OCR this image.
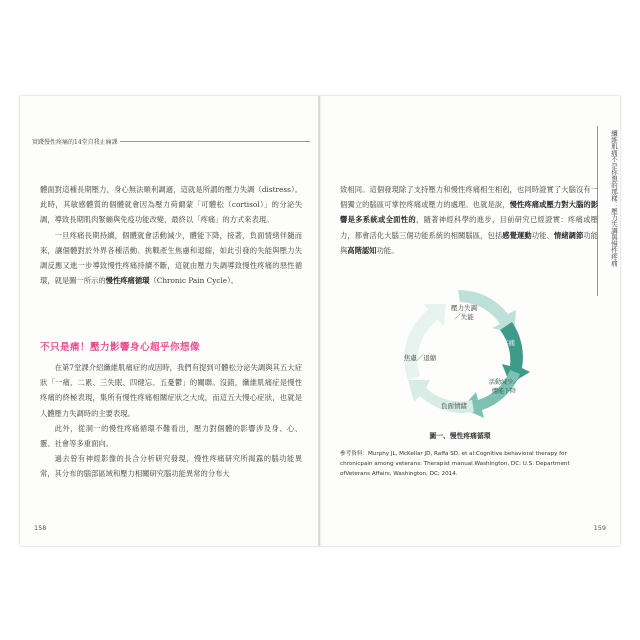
實踐慢性疼痛的14堂自我止痛課

體面對這種長期壓力，身心無法順利調適，這就是所謂的壓力失調（distress）。此時，其敏感體質的個體就會因為壓力荷爾蒙「可體松（cortisol）」的分泌失調，導致長期肌肉緊繃與免疫功能改變，最終以「疼痛」的方式來表現。

一旦疼痛長期持續，個體就會活動減少，體能下降，接著，負面情緒伴隨而來，讓個體對於外界各種活動、挑戰產生焦慮和退縮，如此引發的失能與壓力失調反應又進一步導致慢性疼痛持續不斷，這就由壓力失調導致慢性疼痛的惡性循環，就是圖一所示的慢性疼痛循環（Chronic Pain Cycle）。

不只是痛！壓力影響身心超乎你想像

在第7堂課介紹纖維肌痛症的成因時，我們有提到可體松分泌失調與其五大症狀「一痛、二累、三失眠、四健忘、五憂鬱」的關聯。沒錯，纖維肌痛症是慢性疼痛的終極表現，集所有慢性疼痛相關症狀之大成，而這五大慢心症狀，也就是人體壓力失調時的主要表現。

此外，從洞一的慢性疼痛循環不難看出，壓力對個體的影響涉及身、心、靈、社會等多重面向。

過去曾有神經影像的長合分析研究發現，慢性疼痛研究所揭露的腦功能異常，其分布的腦部區域和壓力相關研究腦功能異常的分布大

158
纖維肌痛不是你想的那樣：壓力失調與慢性疼痛

致相同。這個發現除了支持壓力和慢性疼痛相生相剋，也同時證實了大腦沒有一個獨立的腦區可掌控疼痛或壓力的處理。也就是說，慢性疼痛或壓力對大腦的影響是多系統或全面性的，隨著神經科學的進步，目前研究已經證實：疼痛或壓力，都會活化大腦三個功能系統的相關腦區，包括感覺運動功能、情緒調節功能與高階認知功能。

壓力失調
／失能
慢性疼痛
活動減少／
體能下降
負面情緒
焦慮／退縮
圖一、慢性疼痛循環
參考資料：Murphy JL, McKellar JD, Raffa SD, et al:Cognitive behavioral therapy for chronicpain among veterans: Therapist manual.Washington, DC: U.S. Department ofVeterans Affairs, Washington, DC; 2014.
159
